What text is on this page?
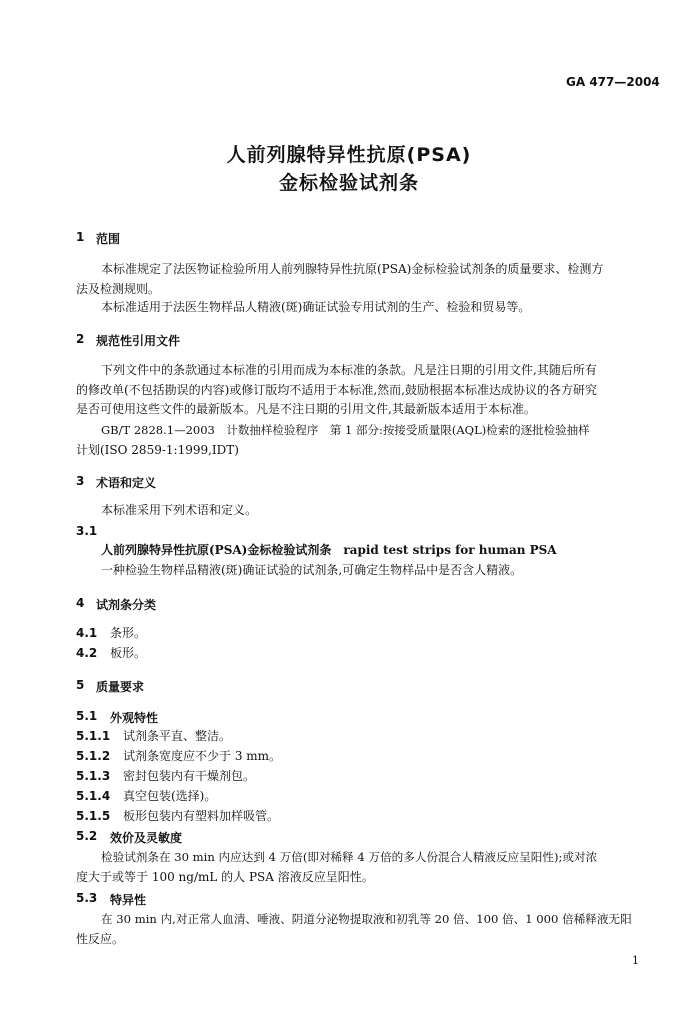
GA 477—2004
人前列腺特异性抗原(PSA)
金标检验试剂条
1 范围
本标准规定了法医物证检验所用人前列腺特异性抗原(PSA)金标检验试剂条的质量要求、检测方
法及检测规则。
本标准适用于法医生物样品人精液(斑)确证试验专用试剂的生产、检验和贸易等。
2 规范性引用文件
下列文件中的条款通过本标准的引用而成为本标准的条款。凡是注日期的引用文件,其随后所有
的修改单(不包括勘误的内容)或修订版均不适用于本标准,然而,鼓励根据本标准达成协议的各方研究
是否可使用这些文件的最新版本。凡是不注日期的引用文件,其最新版本适用于本标准。
GB/T 2828.1—2003　计数抽样检验程序　第 1 部分:按接受质量限(AQL)检索的逐批检验抽样
计划(ISO 2859-1:1999,IDT)
3 术语和定义
本标准采用下列术语和定义。
3.1
人前列腺特异性抗原(PSA)金标检验试剂条　rapid test strips for human PSA
一种检验生物样品精液(斑)确证试验的试剂条,可确定生物样品中是否含人精液。
4 试剂条分类
4.1 条形。
4.2 板形。
5 质量要求
5.1 外观特性
5.1.1 试剂条平直、整洁。
5.1.2 试剂条宽度应不少于 3 mm。
5.1.3 密封包装内有干燥剂包。
5.1.4 真空包装(选择)。
5.1.5 板形包装内有塑料加样吸管。
5.2 效价及灵敏度
检验试剂条在 30 min 内应达到 4 万倍(即对稀释 4 万倍的多人份混合人精液反应呈阳性);或对浓
度大于或等于 100 ng/mL 的人 PSA 溶液反应呈阳性。
5.3 特异性
在 30 min 内,对正常人血清、唾液、阴道分泌物提取液和初乳等 20 倍、100 倍、1 000 倍稀释液无阳
性反应。
1
